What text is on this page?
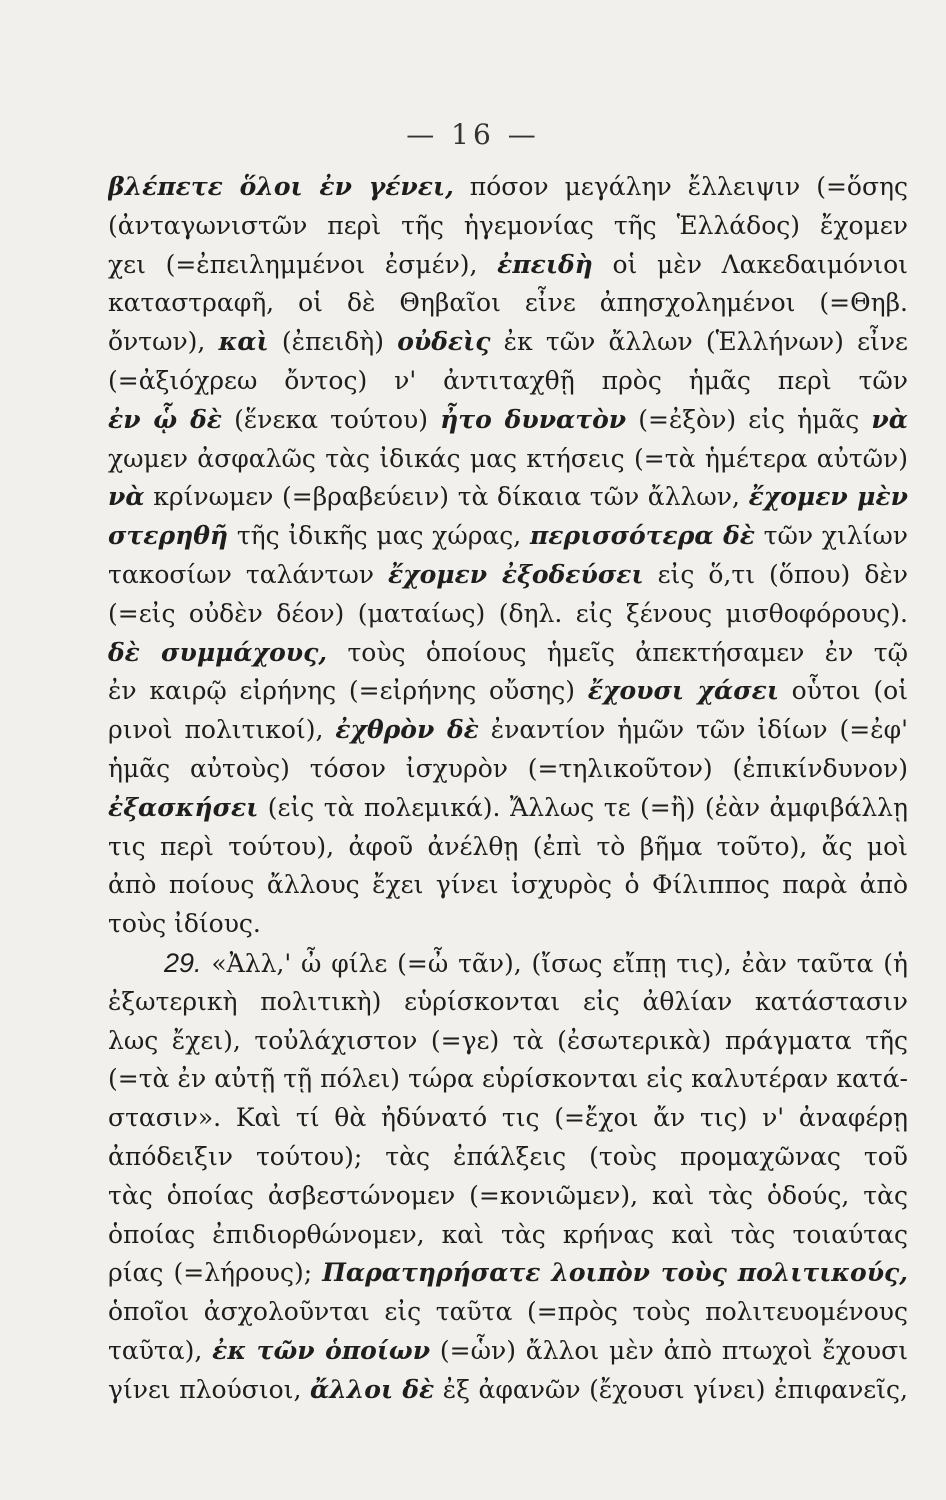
— 16 —
βλέπετε ὅλοι ἐν γένει, πόσον μεγάλην ἔλλειψιν (=ὅσης
(ἀνταγωνιστῶν περὶ τῆς ἡγεμονίας τῆς Ἑλλάδος) ἔχομεν
χει (=ἐπειλημμένοι ἐσμέν), ἐπειδὴ οἱ μὲν Λακεδαιμόνιοι
καταστραφῆ, οἱ δὲ Θηβαῖοι εἶνε ἀπησχολημένοι (=Θηβ.
ὄντων), καὶ (ἐπειδὴ) οὐδεὶς ἐκ τῶν ἄλλων (Ἑλλήνων) εἶνε
(=ἀξιόχρεω ὄντος) ν' ἀντιταχθῇ πρὸς ἡμᾶς περὶ τῶν
ἐν ᾧ δὲ (ἕνεκα τούτου) ἦτο δυνατὸν (=ἐξὸν) εἰς ἡμᾶς νὰ
χωμεν ἀσφαλῶς τὰς ἰδικάς μας κτήσεις (=τὰ ἡμέτερα αὐτῶν)
νὰ κρίνωμεν (=βραβεύειν) τὰ δίκαια τῶν ἄλλων, ἔχομεν μὲν
στερηθῆ τῆς ἰδικῆς μας χώρας, περισσότερα δὲ τῶν χιλίων
τακοσίων ταλάντων ἔχομεν ἐξοδεύσει εἰς ὅ,τι (ὅπου) δὲν
(=εἰς οὐδὲν δέον) (ματαίως) (δηλ. εἰς ξένους μισθοφόρους).
δὲ συμμάχους, τοὺς ὁποίους ἡμεῖς ἀπεκτήσαμεν ἐν τῷ
ἐν καιρῷ εἰρήνης (=εἰρήνης οὔσης) ἔχουσι χάσει οὗτοι (οἱ
ρινοὶ πολιτικοί), ἐχθρὸν δὲ ἐναντίον ἡμῶν τῶν ἰδίων (=ἐφ'
ἡμᾶς αὐτοὺς) τόσον ἰσχυρὸν (=τηλικοῦτον) (ἐπικίνδυνον)
ἐξασκήσει (εἰς τὰ πολεμικά). Ἄλλως τε (=ἢ) (ἐὰν ἀμφιβάλλῃ
τις περὶ τούτου), ἀφοῦ ἀνέλθῃ (ἐπὶ τὸ βῆμα τοῦτο), ἄς μοὶ
ἀπὸ ποίους ἄλλους ἔχει γίνει ἰσχυρὸς ὁ Φίλιππος παρὰ ἀπὸ
τοὺς ἰδίους.
29. «Ἀλλ,' ὦ φίλε (=ὦ τᾶν), (ἴσως εἴπῃ τις), ἐὰν ταῦτα (ἡ
ἐξωτερικὴ πολιτικὴ) εὑρίσκονται εἰς ἀθλίαν κατάστασιν
λως ἔχει), τοὐλάχιστον (=γε) τὰ (ἐσωτερικὰ) πράγματα τῆς
(=τὰ ἐν αὐτῇ τῇ πόλει) τώρα εὑρίσκονται εἰς καλυτέραν κατά-
στασιν». Καὶ τί θὰ ἠδύνατό τις (=ἔχοι ἄν τις) ν' ἀναφέρῃ
ἀπόδειξιν τούτου); τὰς ἐπάλξεις (τοὺς προμαχῶνας τοῦ
τὰς ὁποίας ἀσβεστώνομεν (=κονιῶμεν), καὶ τὰς ὁδούς, τὰς
ὁποίας ἐπιδιορθώνομεν, καὶ τὰς κρήνας καὶ τὰς τοιαύτας
ρίας (=λήρους); Παρατηρήσατε λοιπὸν τοὺς πολιτικούς,
ὁποῖοι ἀσχολοῦνται εἰς ταῦτα (=πρὸς τοὺς πολιτευομένους
ταῦτα), ἐκ τῶν ὁποίων (=ὧν) ἄλλοι μὲν ἀπὸ πτωχοὶ ἔχουσι
γίνει πλούσιοι, ἄλλοι δὲ ἐξ ἀφανῶν (ἔχουσι γίνει) ἐπιφανεῖς,
